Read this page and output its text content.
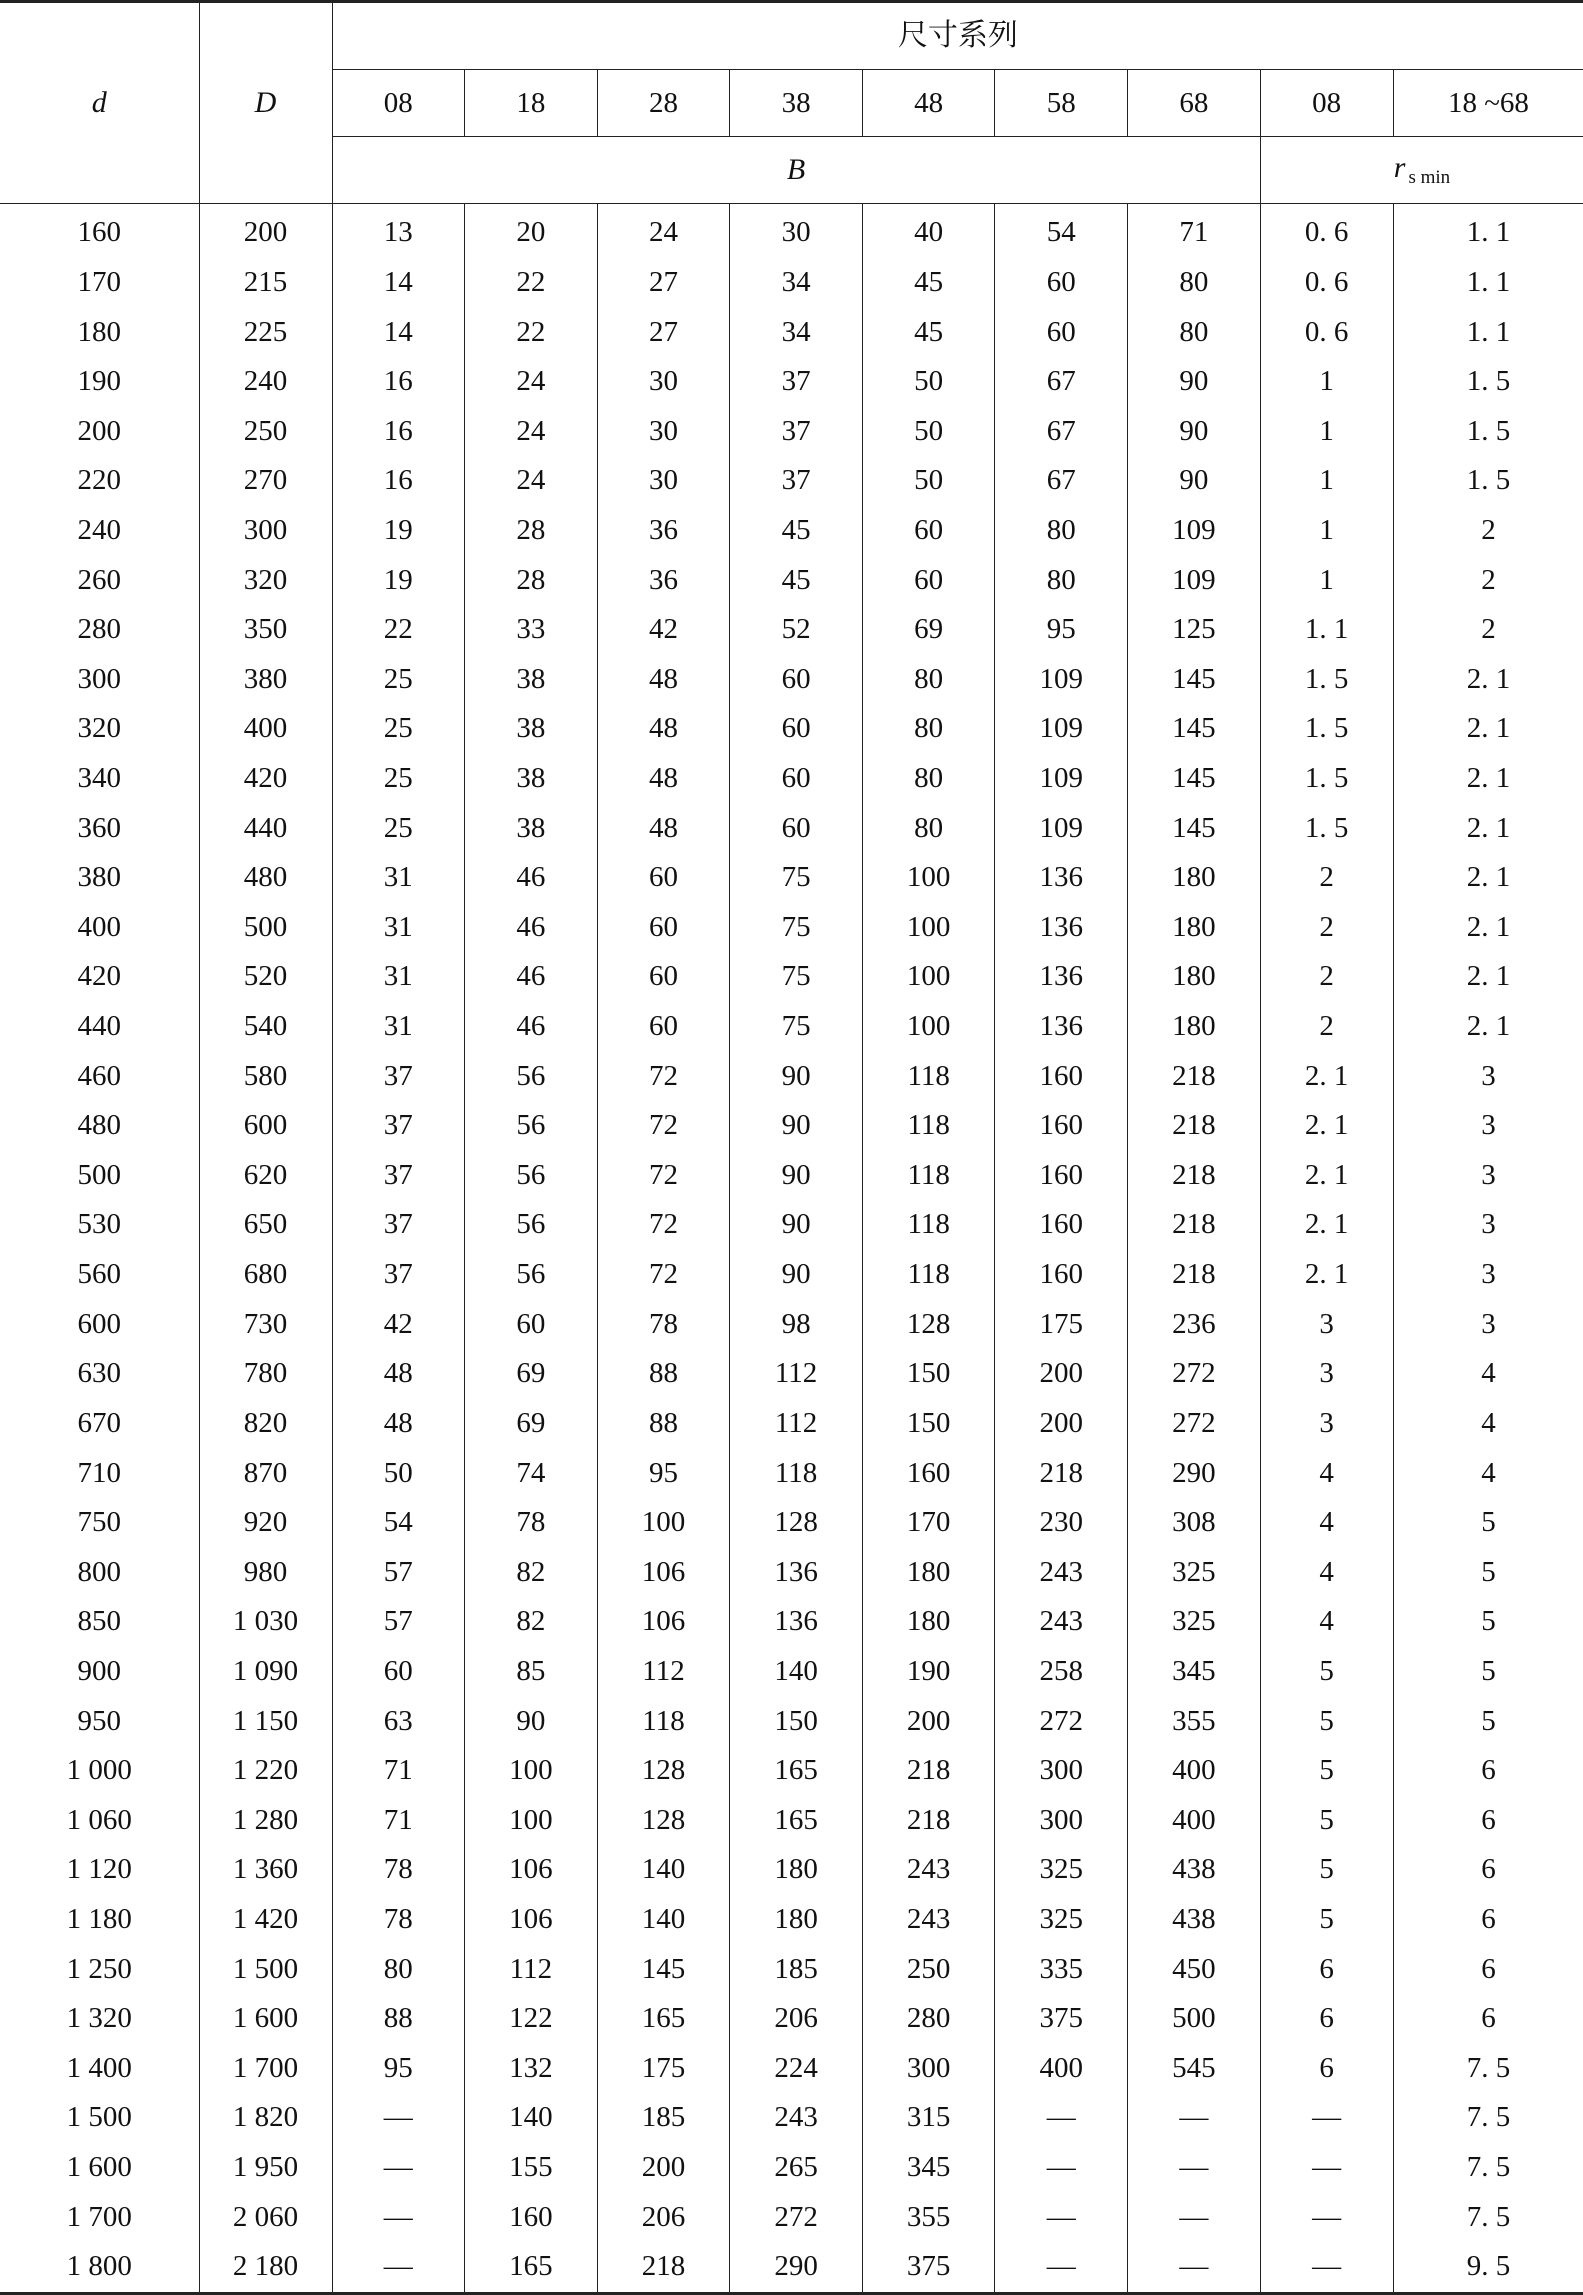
d	D	尺寸系列								
		08	18	28	38	48	58	68	08	18 ~68
		B							r $_{s min}$
160	200	13	20	24	30	40	54	71	0. 6	1. 1
170	215	14	22	27	34	45	60	80	0. 6	1. 1
180	225	14	22	27	34	45	60	80	0. 6	1. 1
190	240	16	24	30	37	50	67	90	1	1. 5
200	250	16	24	30	37	50	67	90	1	1. 5
220	270	16	24	30	37	50	67	90	1	1. 5
240	300	19	28	36	45	60	80	109	1	2
260	320	19	28	36	45	60	80	109	1	2
280	350	22	33	42	52	69	95	125	1. 1	2
300	380	25	38	48	60	80	109	145	1. 5	2. 1
320	400	25	38	48	60	80	109	145	1. 5	2. 1
340	420	25	38	48	60	80	109	145	1. 5	2. 1
360	440	25	38	48	60	80	109	145	1. 5	2. 1
380	480	31	46	60	75	100	136	180	2	2. 1
400	500	31	46	60	75	100	136	180	2	2. 1
420	520	31	46	60	75	100	136	180	2	2. 1
440	540	31	46	60	75	100	136	180	2	2. 1
460	580	37	56	72	90	118	160	218	2. 1	3
480	600	37	56	72	90	118	160	218	2. 1	3
500	620	37	56	72	90	118	160	218	2. 1	3
530	650	37	56	72	90	118	160	218	2. 1	3
560	680	37	56	72	90	118	160	218	2. 1	3
600	730	42	60	78	98	128	175	236	3	3
630	780	48	69	88	112	150	200	272	3	4
670	820	48	69	88	112	150	200	272	3	4
710	870	50	74	95	118	160	218	290	4	4
750	920	54	78	100	128	170	230	308	4	5
800	980	57	82	106	136	180	243	325	4	5
850	1 030	57	82	106	136	180	243	325	4	5
900	1 090	60	85	112	140	190	258	345	5	5
950	1 150	63	90	118	150	200	272	355	5	5
1 000	1 220	71	100	128	165	218	300	400	5	6
1 060	1 280	71	100	128	165	218	300	400	5	6
1 120	1 360	78	106	140	180	243	325	438	5	6
1 180	1 420	78	106	140	180	243	325	438	5	6
1 250	1 500	80	112	145	185	250	335	450	6	6
1 320	1 600	88	122	165	206	280	375	500	6	6
1 400	1 700	95	132	175	224	300	400	545	6	7. 5
1 500	1 820	—	140	185	243	315	—	—	—	7. 5
1 600	1 950	—	155	200	265	345	—	—	—	7. 5
1 700	2 060	—	160	206	272	355	—	—	—	7. 5
1 800	2 180	—	165	218	290	375	—	—	—	9. 5
